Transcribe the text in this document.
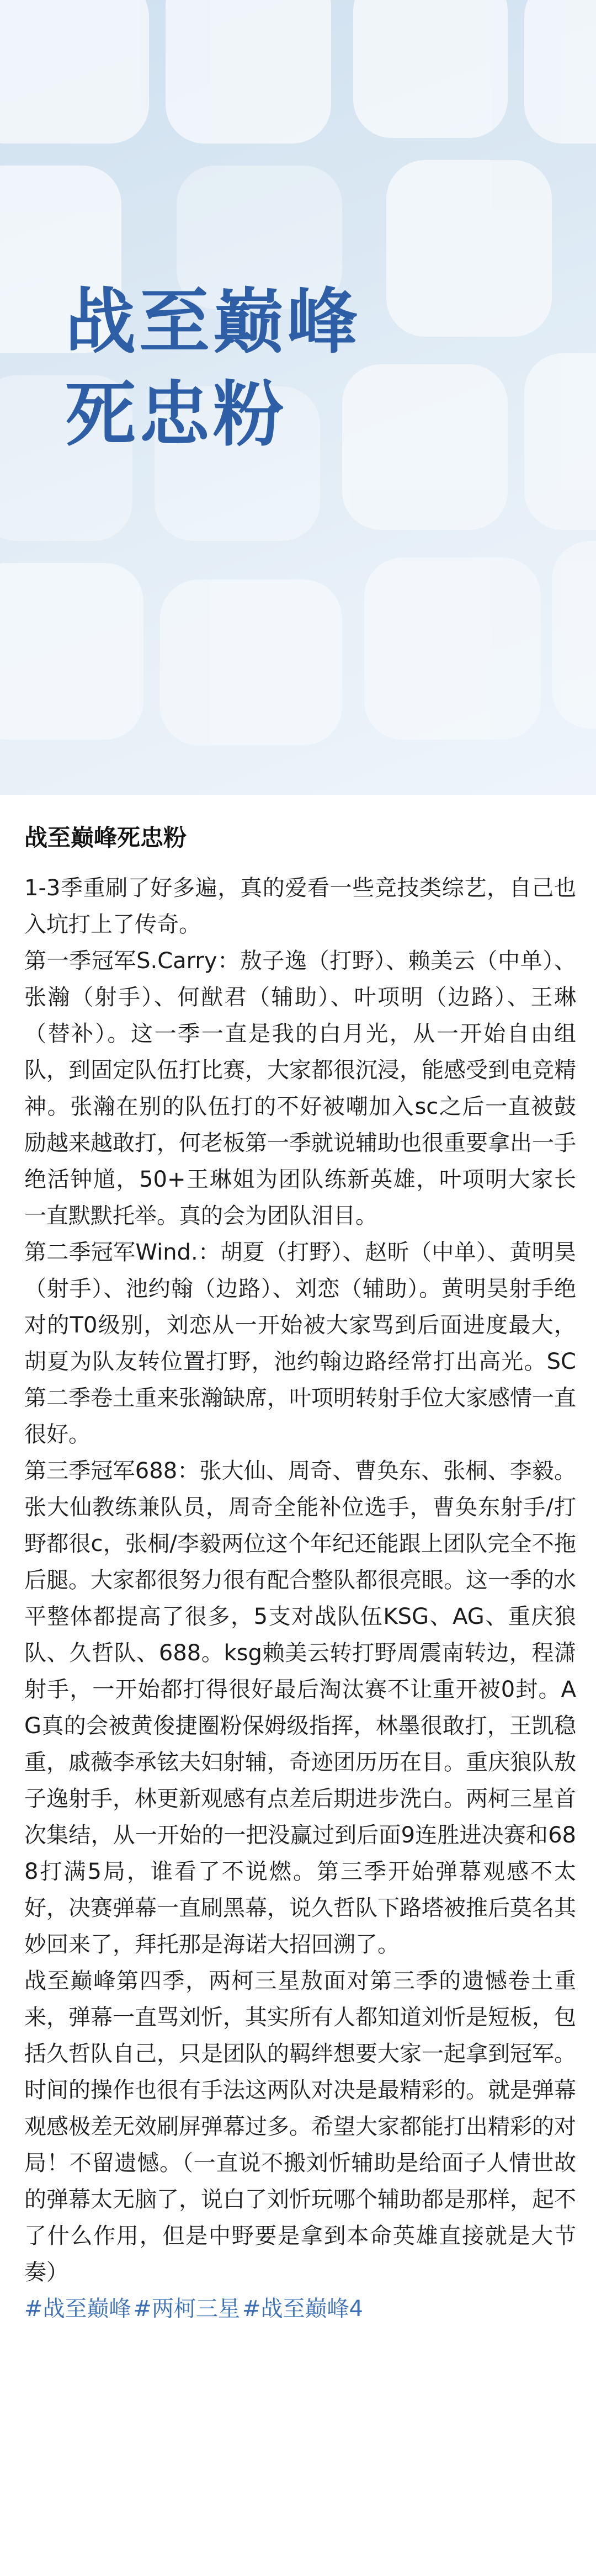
战至巅峰
死忠粉
战至巅峰死忠粉

1-3季重刷了好多遍，真的爱看一些竞技类综艺，自己也入坑打上了传奇。

第一季冠军S.Carry：敖子逸（打野）、赖美云（中单）、张瀚（射手）、何猷君（辅助）、叶项明（边路）、王琳（替补）。这一季一直是我的白月光，从一开始自由组队，到固定队伍打比赛，大家都很沉浸，能感受到电竞精神。张瀚在别的队伍打的不好被嘲加入sc之后一直被鼓励越来越敢打，何老板第一季就说辅助也很重要拿出一手绝活钟馗，50+王琳姐为团队练新英雄，叶项明大家长一直默默托举。真的会为团队泪目。

第二季冠军Wind.：胡夏（打野）、赵昕（中单）、黄明昊（射手）、池约翰（边路）、刘恋（辅助）。黄明昊射手绝对的T0级别，刘恋从一开始被大家骂到后面进度最大，胡夏为队友转位置打野，池约翰边路经常打出高光。SC第二季卷土重来张瀚缺席，叶项明转射手位大家感情一直很好。

第三季冠军688：张大仙、周奇、曹奂东、张桐、李毅。张大仙教练兼队员，周奇全能补位选手，曹奂东射手/打野都很c，张桐/李毅两位这个年纪还能跟上团队完全不拖后腿。大家都很努力很有配合整队都很亮眼。这一季的水平整体都提高了很多，5支对战队伍KSG、AG、重庆狼队、久哲队、688。ksg赖美云转打野周震南转边，程潇射手，一开始都打得很好最后淘汰赛不让重开被0封。AG真的会被黄俊捷圈粉保姆级指挥，林墨很敢打，王凯稳重，戚薇李承铉夫妇射辅，奇迹团历历在目。重庆狼队敖子逸射手，林更新观感有点差后期进步洗白。两柯三星首次集结，从一开始的一把没赢过到后面9连胜进决赛和688打满5局，谁看了不说燃。第三季开始弹幕观感不太好，决赛弹幕一直刷黑幕，说久哲队下路塔被推后莫名其妙回来了，拜托那是海诺大招回溯了。

战至巅峰第四季，两柯三星敖面对第三季的遗憾卷土重来，弹幕一直骂刘忻，其实所有人都知道刘忻是短板，包括久哲队自己，只是团队的羁绊想要大家一起拿到冠军。时间的操作也很有手法这两队对决是最精彩的。就是弹幕观感极差无效刷屏弹幕过多。希望大家都能打出精彩的对局！不留遗憾。（一直说不搬刘忻辅助是给面子人情世故的弹幕太无脑了，说白了刘忻玩哪个辅助都是那样，起不了什么作用，但是中野要是拿到本命英雄直接就是大节奏）

#战至巅峰 #两柯三星 #战至巅峰4
